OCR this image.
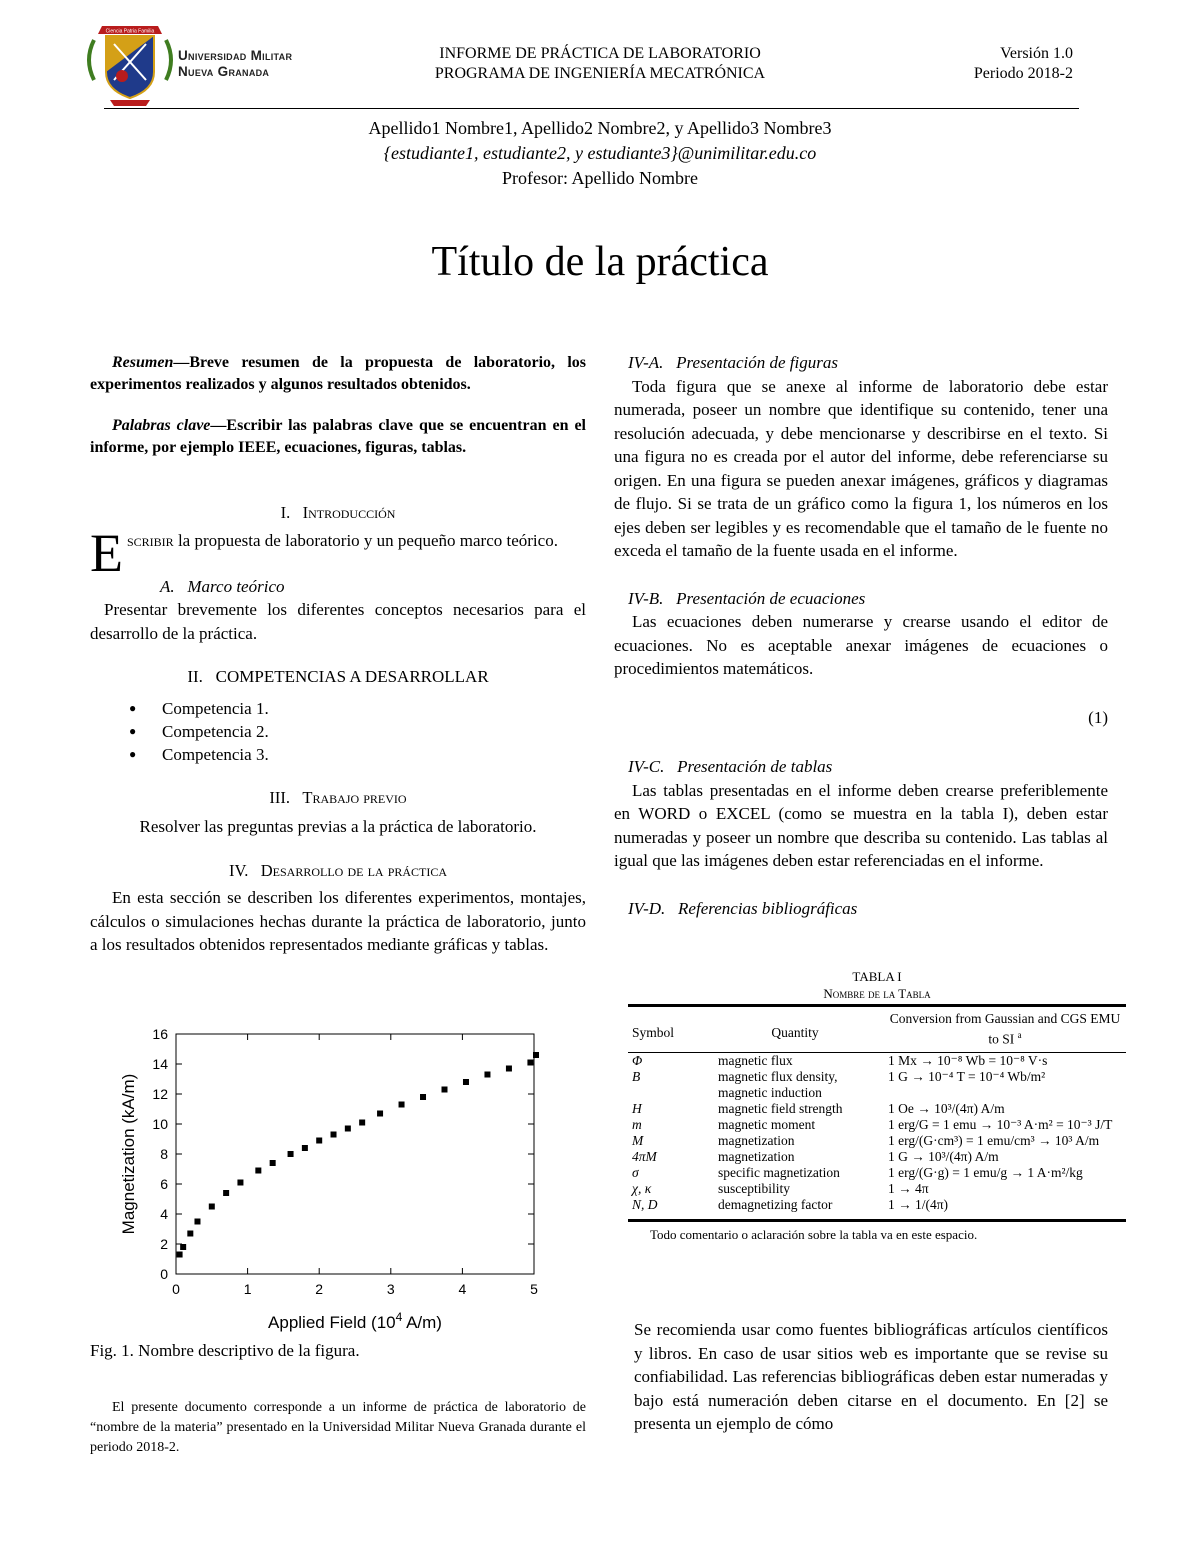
Ciencia Patria Familia
Universidad Militar
Nueva Granada
INFORME DE PRÁCTICA DE LABORATORIO
PROGRAMA DE INGENIERÍA MECATRÓNICA
Versión 1.0
Periodo 2018-2
Apellido1 Nombre1, Apellido2 Nombre2, y Apellido3 Nombre3
{estudiante1, estudiante2, y estudiante3}@unimilitar.edu.co
Profesor: Apellido Nombre
Título de la práctica

Resumen—Breve resumen de la propuesta de laboratorio, los experimentos realizados y algunos resultados obtenidos.

Palabras clave—Escribir las palabras clave que se encuentran en el informe, por ejemplo IEEE, ecuaciones, figuras, tablas.

I. Introducción

Escribir la propuesta de laboratorio y un pequeño marco teórico.

A. Marco teórico

Presentar brevemente los diferentes conceptos necesarios para el desarrollo de la práctica.

II. COMPETENCIAS A DESARROLLAR

● Competencia 1.
● Competencia 2.
● Competencia 3.

III. Trabajo previo

Resolver las preguntas previas a la práctica de laboratorio.

IV. Desarrollo de la práctica

En esta sección se describen los diferentes experimentos, montajes, cálculos o simulaciones hechas durante la práctica de laboratorio, junto a los resultados obtenidos representados mediante gráficas y tablas.

0	1	2	3	4	5
0
2
4
6
8
10
12
14
16
Applied Field ($10^4$ A/m)
Magnetization (kA/m)
Fig. 1. Nombre descriptivo de la figura.
El presente documento corresponde a un informe de práctica de laboratorio de “nombre de la materia” presentado en la Universidad Militar Nueva Granada durante el periodo 2018-2.

IV-A. Presentación de figuras

Toda figura que se anexe al informe de laboratorio debe estar numerada, poseer un nombre que identifique su contenido, tener una resolución adecuada, y debe mencionarse y describirse en el texto. Si una figura no es creada por el autor del informe, debe referenciarse su origen. En una figura se pueden anexar imágenes, gráficos y diagramas de flujo. Si se trata de un gráfico como la figura 1, los números en los ejes deben ser legibles y es recomendable que el tamaño de le fuente no exceda el tamaño de la fuente usada en el informe.

IV-B. Presentación de ecuaciones

Las ecuaciones deben numerarse y crearse usando el editor de ecuaciones. No es aceptable anexar imágenes de ecuaciones o procedimientos matemáticos.

(1)

IV-C. Presentación de tablas

Las tablas presentadas en el informe deben crearse preferiblemente en WORD o EXCEL (como se muestra en la tabla I), deben estar numeradas y poseer un nombre que describa su contenido. Las tablas al igual que las imágenes deben estar referenciadas en el informe.

IV-D. Referencias bibliográficas

TABLA I
Nombre de la Tabla
Symbol	Quantity	Conversion from Gaussian and CGS EMU to SI $^a$

Φ	magnetic flux	1 Mx → 10⁻⁸ Wb = 10⁻⁸ V·s
B	magnetic flux density, magnetic induction	1 G → 10⁻⁴ T = 10⁻⁴ Wb/m²
H	magnetic field strength	1 Oe → 10³/(4π) A/m
m	magnetic moment	1 erg/G = 1 emu → 10⁻³ A·m² = 10⁻³ J/T
M	magnetization	1 erg/(G·cm³) = 1 emu/cm³ → 10³ A/m
4πM	magnetization	1 G → 10³/(4π) A/m
σ	specific magnetization	1 erg/(G·g) = 1 emu/g → 1 A·m²/kg
χ, κ	susceptibility	1 → 4π
N, D	demagnetizing factor	1 → 1/(4π)
Todo comentario o aclaración sobre la tabla va en este espacio.
Se recomienda usar como fuentes bibliográficas artículos científicos y libros. En caso de usar sitios web es importante que se revise su confiabilidad. Las referencias bibliográficas deben estar numeradas y bajo está numeración deben citarse en el documento. En [2] se presenta un ejemplo de cómo
